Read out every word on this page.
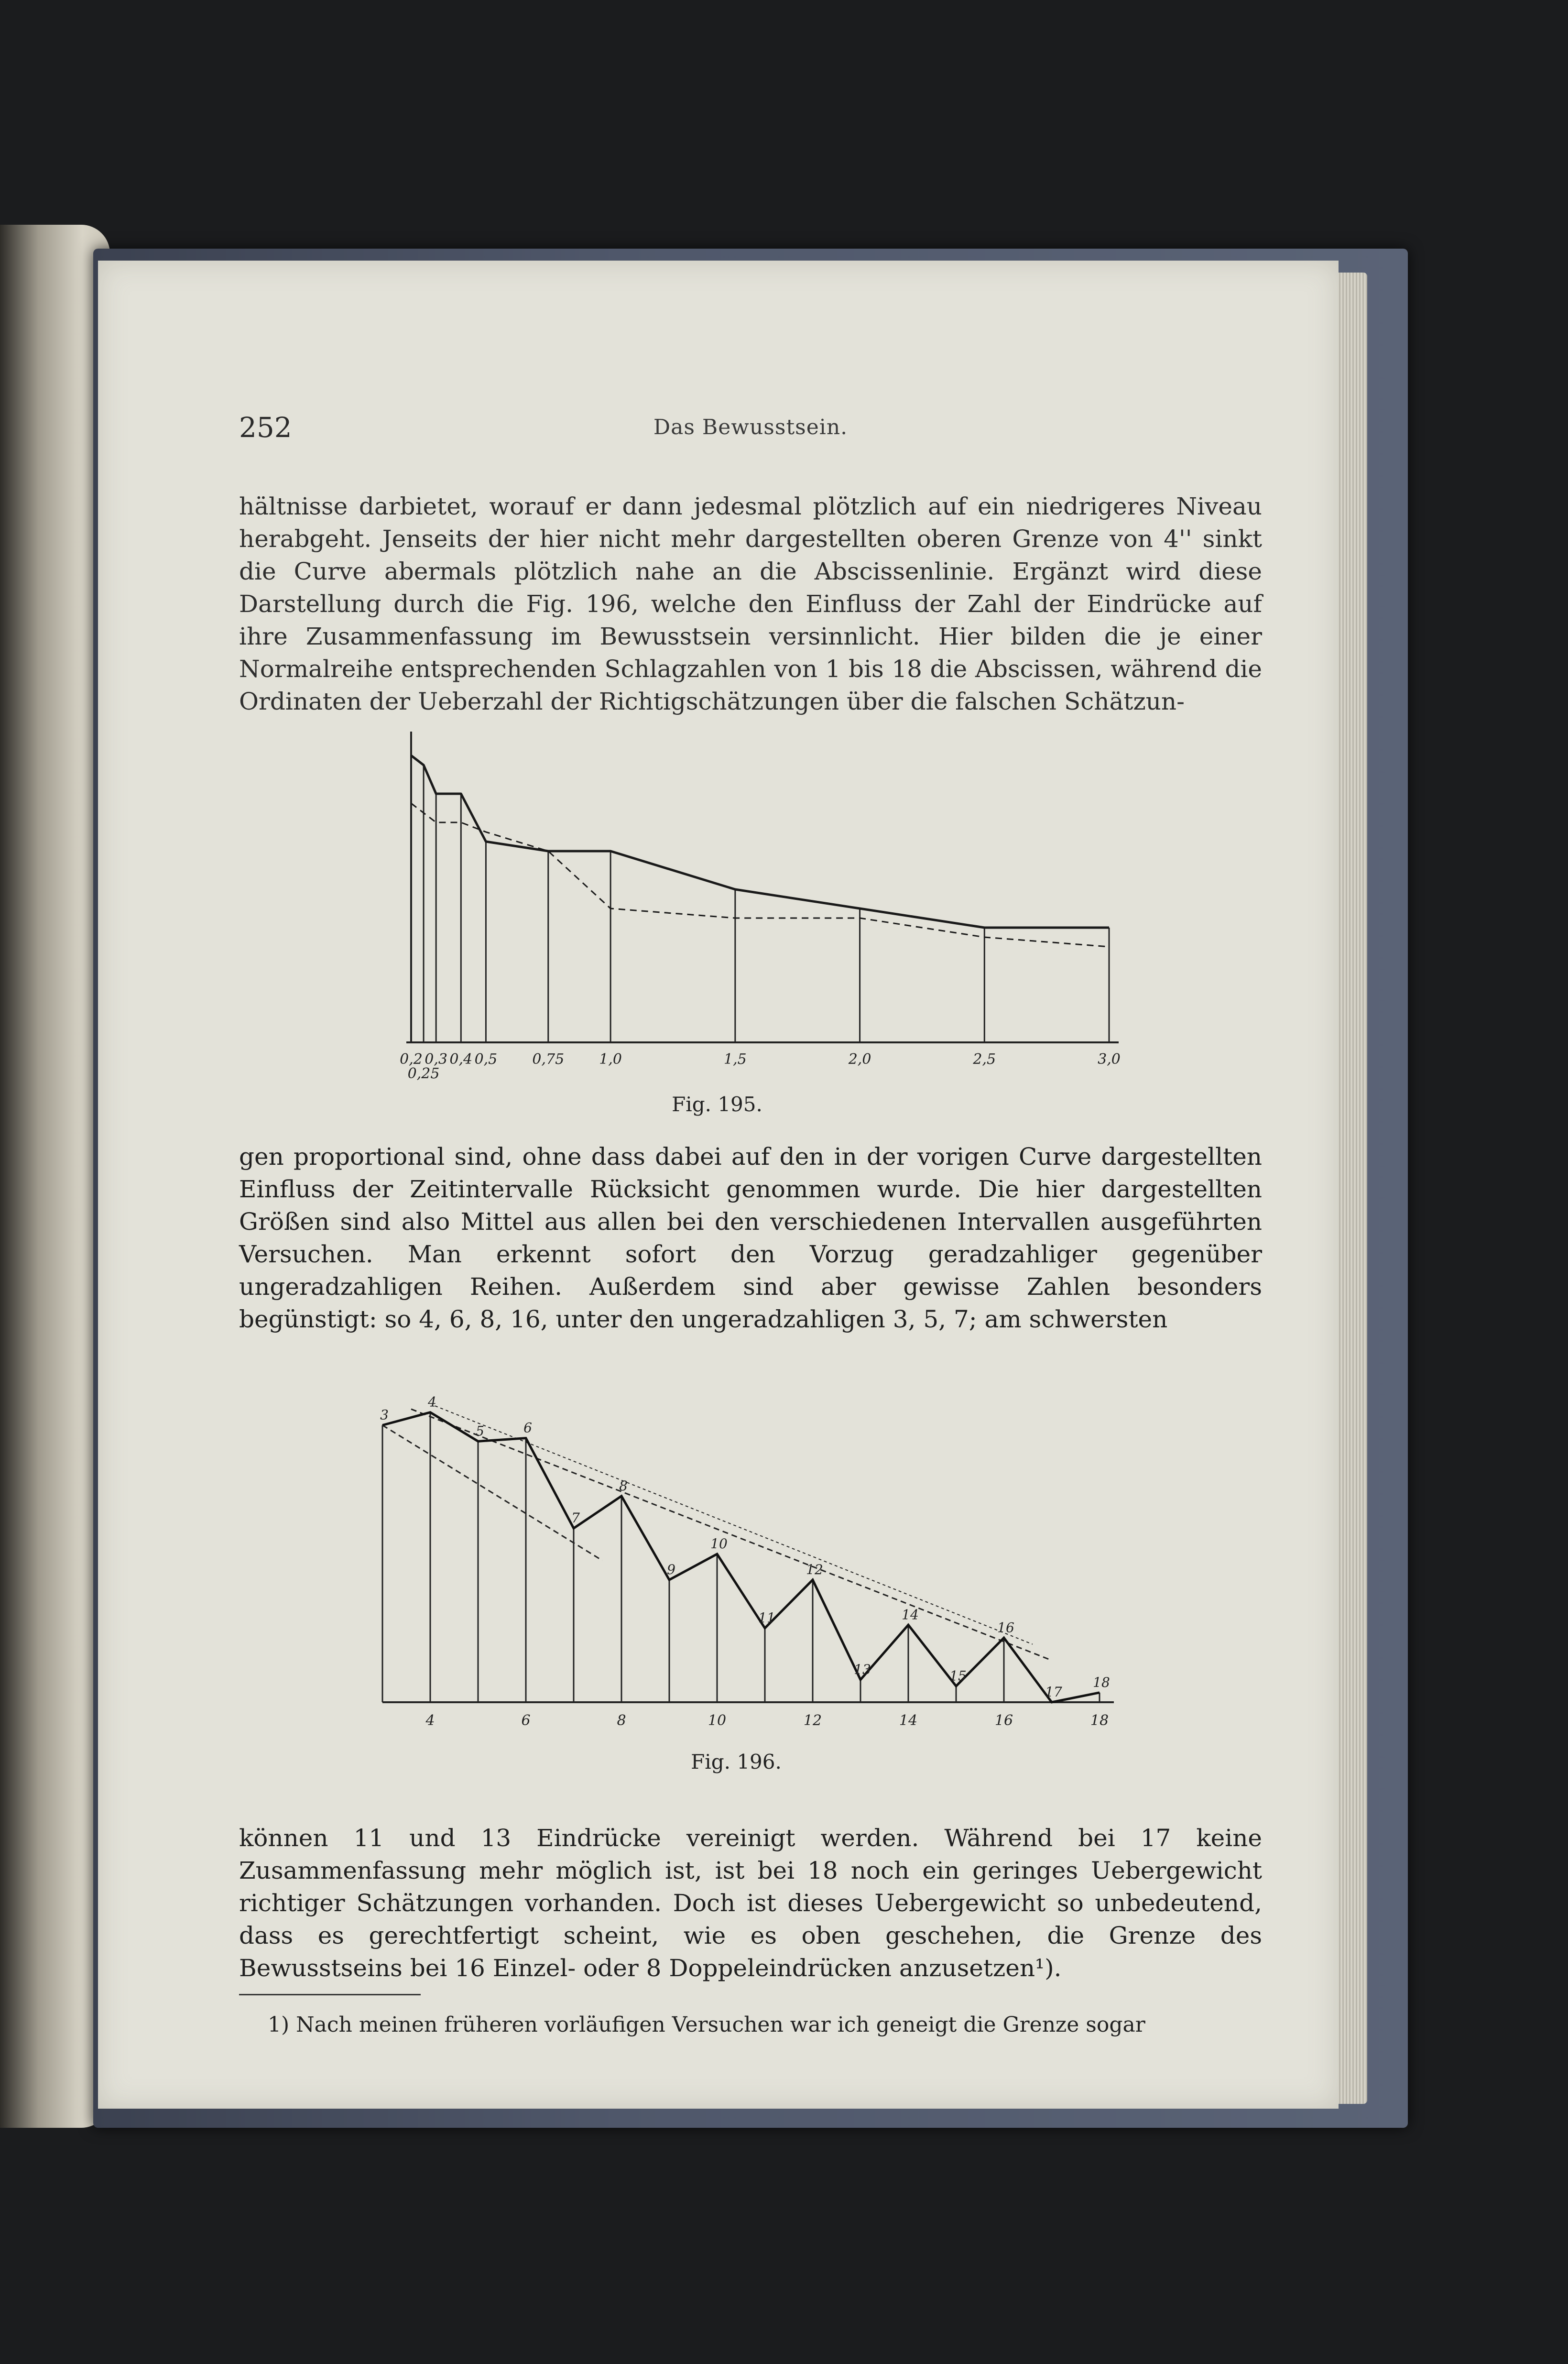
252	Das Bewusstsein.

hältnisse darbietet, worauf er dann jedesmal plötzlich auf ein niedrigeres Niveau herabgeht. Jenseits der hier nicht mehr dargestellten oberen Grenze von 4'' sinkt die Curve abermals plötzlich nahe an die Abscissenlinie. Ergänzt wird diese Darstellung durch die Fig. 196, welche den Einfluss der Zahl der Eindrücke auf ihre Zusammenfassung im Bewusstsein versinnlicht. Hier bilden die je einer Normalreihe entsprechenden Schlagzahlen von 1 bis 18 die Abscissen, während die Ordinaten der Ueberzahl der Richtigschätzungen über die falschen Schätzun-

0,2
0,25
0,3 0,4 0,5 0,75 1,0	1,5	2,0	2,5	3,0
Fig. 195.

gen proportional sind, ohne dass dabei auf den in der vorigen Curve dargestellten Einfluss der Zeitintervalle Rücksicht genommen wurde. Die hier dargestellten Größen sind also Mittel aus allen bei den verschiedenen Intervallen ausgeführten Versuchen. Man erkennt sofort den Vorzug geradzahliger gegenüber ungeradzahligen Reihen. Außerdem sind aber gewisse Zahlen besonders begünstigt: so 4, 6, 8, 16, unter den ungeradzahligen 3, 5, 7; am schwersten

3
4
5	6
7
8
9
10
11
12
13
14
15
16
17
18
4	6	8	10	12	14	16	18
Fig. 196.

können 11 und 13 Eindrücke vereinigt werden. Während bei 17 keine Zusammenfassung mehr möglich ist, ist bei 18 noch ein geringes Uebergewicht richtiger Schätzungen vorhanden. Doch ist dieses Uebergewicht so unbedeutend, dass es gerechtfertigt scheint, wie es oben geschehen, die Grenze des Bewusstseins bei 16 Einzel- oder 8 Doppeleindrücken anzusetzen¹).

1) Nach meinen früheren vorläufigen Versuchen war ich geneigt die Grenze sogar
